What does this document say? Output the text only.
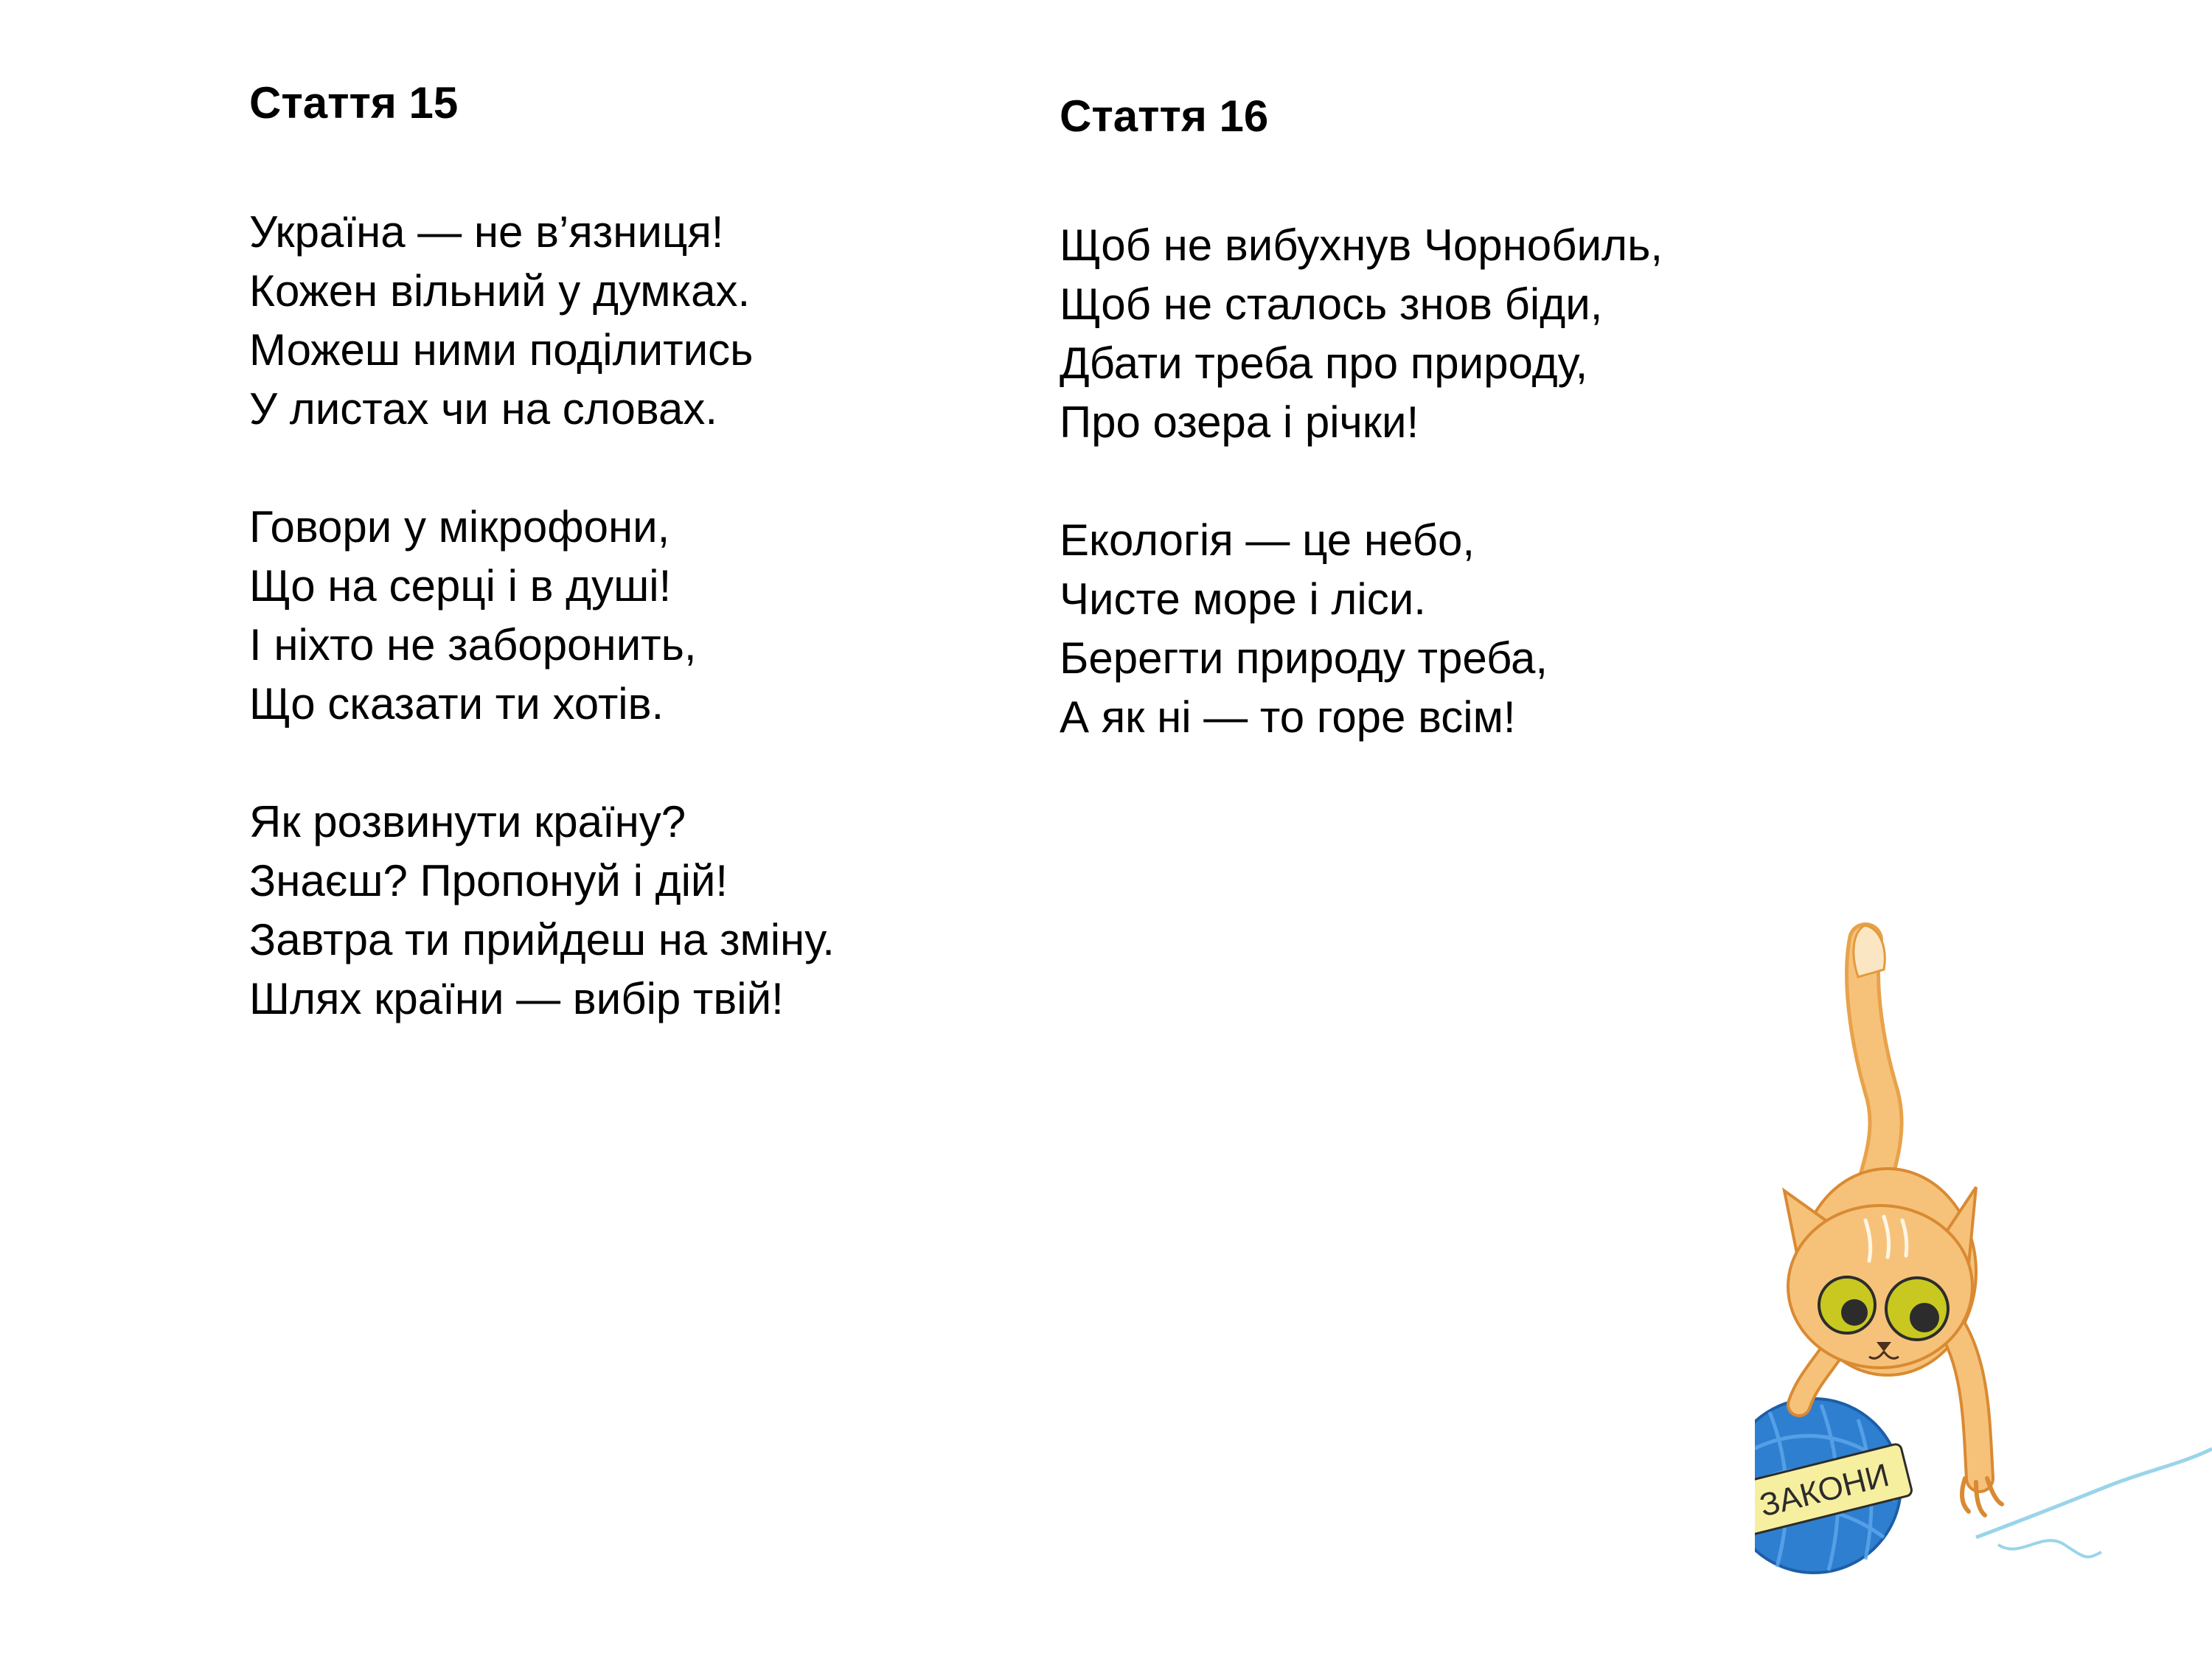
Стаття 15
Україна — не в’язниця!
Кожен вільний у думках.
Можеш ними поділитись
У листах чи на словах.
Говори у мікрофони,
Що на серці і в душі!
І ніхто не заборонить,
Що сказати ти хотів.
Як розвинути країну?
Знаєш? Пропонуй і дій!
Завтра ти прийдеш на зміну.
Шлях країни — вибір твій!
Стаття 16
Щоб не вибухнув Чорнобиль,
Щоб не сталось знов біди,
Дбати треба про природу,
Про озера і річки!
Екологія — це небо,
Чисте море і ліси.
Берегти природу треба,
А як ні — то горе всім!
ЗАКОНИ
